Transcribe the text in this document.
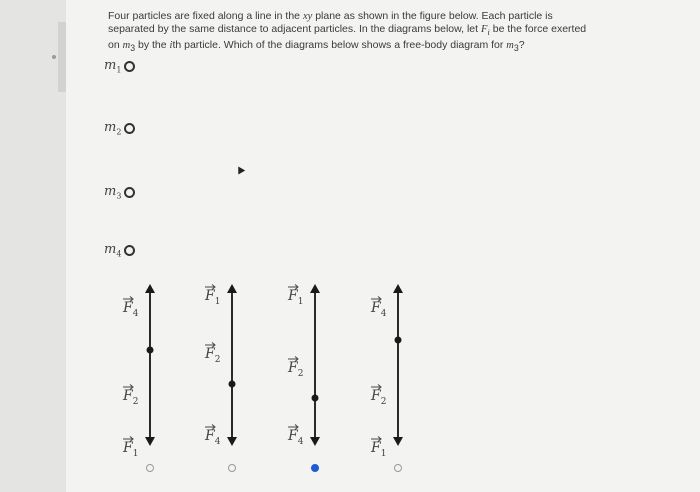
Four particles are fixed along a line in the xy plane as shown in the figure below. Each particle is separated by the same distance to adjacent particles. In the diagrams below, let $F_i$ be the force exerted on $m_3$ by the ith particle. Which of the diagrams below shows a free-body diagram for $m_3$?
$m_1$
$m_2$
$m_3$
$m_4$
$F_4$
$F_2$
$F_1$
$F_1$
$F_2$
$F_4$
$F_1$
$F_2$
$F_4$
$F_4$
$F_2$
$F_1$
